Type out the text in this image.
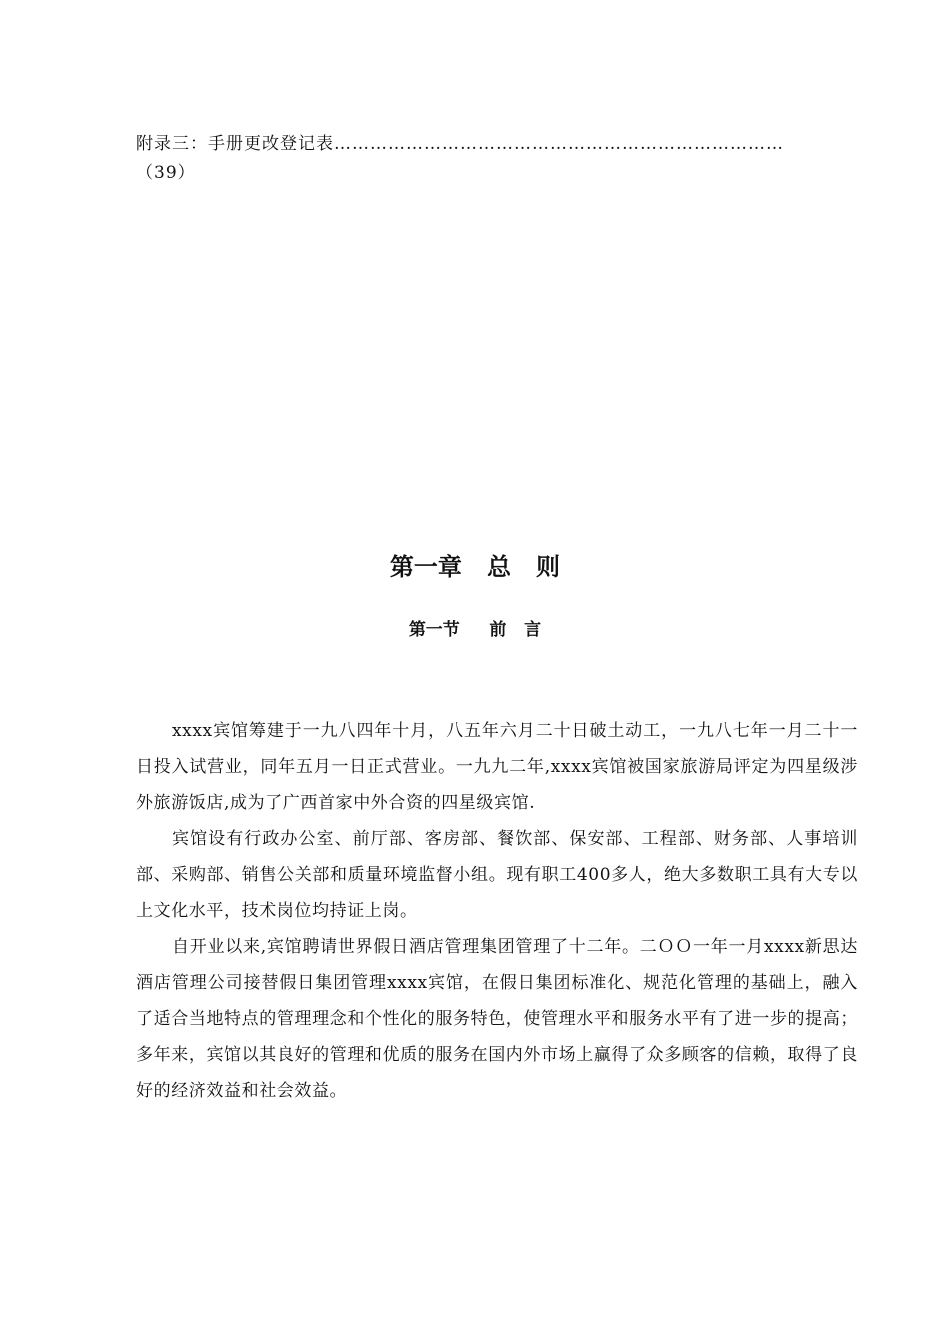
附录三：手册更改登记表…………………………………………………………………
（39）
第一章   总   则
第一节     前   言

xxxx宾馆筹建于一九八四年十月，八五年六月二十日破土动工，一九八七年一月二十一日投入试营业，同年五月一日正式营业。一九九二年,xxxx宾馆被国家旅游局评定为四星级涉外旅游饭店,成为了广西首家中外合资的四星级宾馆.

宾馆设有行政办公室、前厅部、客房部、餐饮部、保安部、工程部、财务部、人事培训部、采购部、销售公关部和质量环境监督小组。现有职工400多人，绝大多数职工具有大专以上文化水平，技术岗位均持证上岗。

自开业以来,宾馆聘请世界假日酒店管理集团管理了十二年。二ＯＯ一年一月xxxx新思达酒店管理公司接替假日集团管理xxxx宾馆，在假日集团标准化、规范化管理的基础上，融入了适合当地特点的管理理念和个性化的服务特色，使管理水平和服务水平有了进一步的提高；多年来，宾馆以其良好的管理和优质的服务在国内外市场上赢得了众多顾客的信赖，取得了良好的经济效益和社会效益。
